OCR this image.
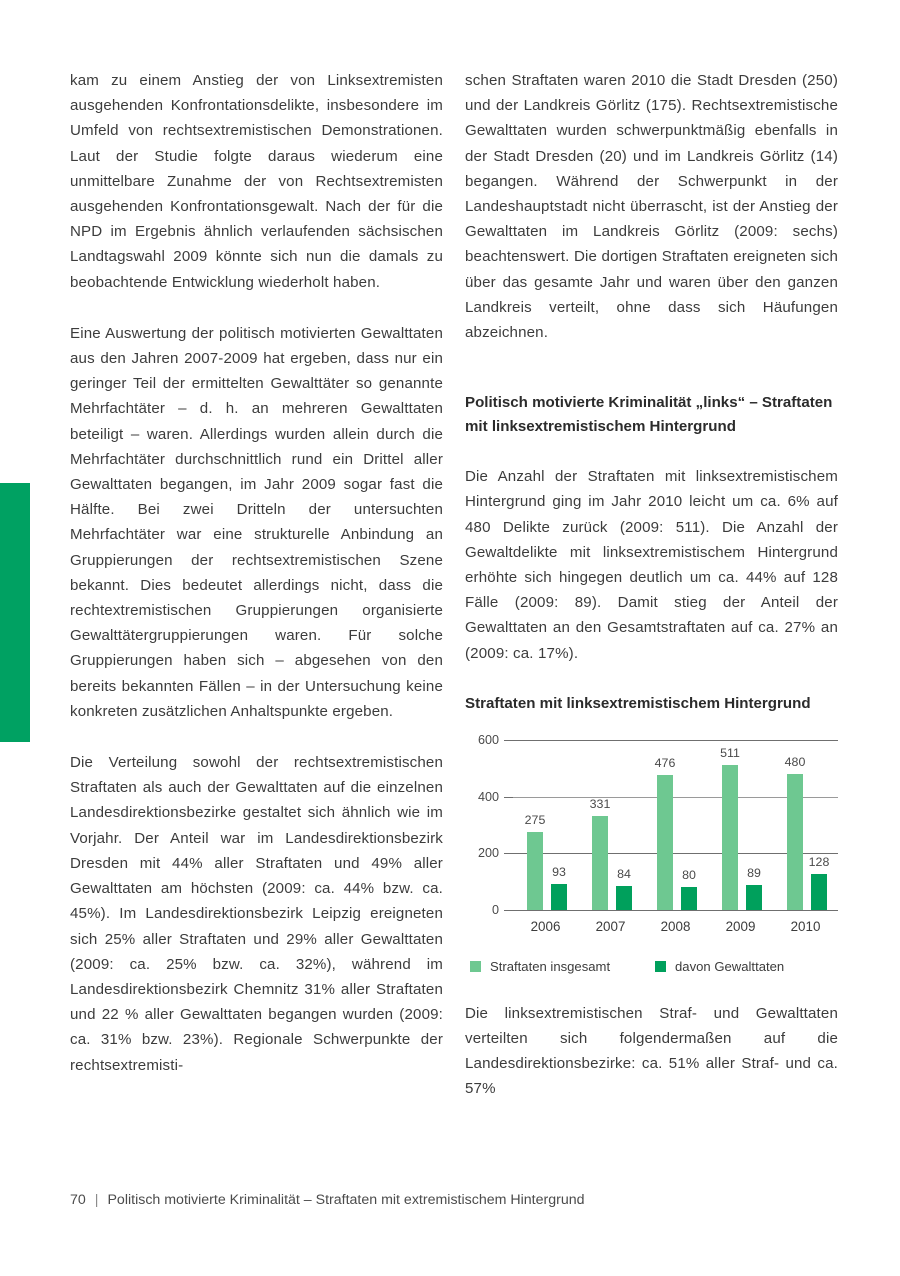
kam zu einem Anstieg der von Linksextremisten ausgehenden Konfrontationsdelikte, insbesondere im Umfeld von rechtsextremistischen Demonstrationen. Laut der Studie folgte daraus wiederum eine unmittelbare Zunahme der von Rechtsextremisten ausgehenden Konfrontationsgewalt. Nach der für die NPD im Ergebnis ähnlich verlaufenden sächsischen Landtagswahl 2009 könnte sich nun die damals zu beobachtende Entwicklung wiederholt haben.

Eine Auswertung der politisch motivierten Gewalttaten aus den Jahren 2007-2009 hat ergeben, dass nur ein geringer Teil der ermittelten Gewalttäter so genannte Mehrfachtäter – d. h. an mehreren Gewalttaten beteiligt – waren. Allerdings wurden allein durch die Mehrfachtäter durchschnittlich rund ein Drittel aller Gewalttaten begangen, im Jahr 2009 sogar fast die Hälfte. Bei zwei Dritteln der untersuchten Mehrfachtäter war eine strukturelle Anbindung an Gruppierungen der rechtsextremistischen Szene bekannt. Dies bedeutet allerdings nicht, dass die rechtextremistischen Gruppierungen organisierte Gewalttätergruppierungen waren. Für solche Gruppierungen haben sich – abgesehen von den bereits bekannten Fällen – in der Untersuchung keine konkreten zusätzlichen Anhaltspunkte ergeben.

Die Verteilung sowohl der rechtsextremistischen Straftaten als auch der Gewalttaten auf die einzelnen Landesdirektionsbezirke gestaltet sich ähnlich wie im Vorjahr. Der Anteil war im Landesdirektionsbezirk Dresden mit 44% aller Straftaten und 49% aller Gewalttaten am höchsten (2009: ca. 44% bzw. ca. 45%). Im Landesdirektionsbezirk Leipzig ereigneten sich 25% aller Straftaten und 29% aller Gewalttaten (2009: ca. 25% bzw. ca. 32%), während im Landesdirektionsbezirk Chemnitz 31% aller Straftaten und 22 % aller Gewalttaten begangen wurden (2009: ca. 31% bzw. 23%). Regionale Schwerpunkte der rechtsextremisti-

schen Straftaten waren 2010 die Stadt Dresden (250) und der Landkreis Görlitz (175). Rechtsextremistische Gewalttaten wurden schwerpunktmäßig ebenfalls in der Stadt Dresden (20) und im Landkreis Görlitz (14) begangen. Während der Schwerpunkt in der Landeshauptstadt nicht überrascht, ist der Anstieg der Gewalttaten im Landkreis Görlitz (2009: sechs) beachtenswert. Die dortigen Straftaten ereigneten sich über das gesamte Jahr und waren über den ganzen Landkreis verteilt, ohne dass sich Häufungen abzeichnen.

Politisch motivierte Kriminalität „links“ – Straftaten mit linksextremistischem Hintergrund

Die Anzahl der Straftaten mit linksextremistischem Hintergrund ging im Jahr 2010 leicht um ca. 6% auf 480 Delikte zurück (2009: 511). Die Anzahl der Gewaltdelikte mit linksextremistischem Hintergrund erhöhte sich hingegen deutlich um ca. 44% auf 128 Fälle (2009: 89). Damit stieg der Anteil der Gewalttaten an den Gesamtstraftaten auf ca. 27% an (2009: ca. 17%).

Straftaten mit linksextremistischem Hintergrund
0
200
400
600
275
93
2006
331
84
2007
476
80
2008
511
89
2009
480
128
2010
Straftaten insgesamt	davon Gewalttaten

Die linksextremistischen Straf- und Gewalttaten verteilten sich folgendermaßen auf die Landesdirektionsbezirke: ca. 51% aller Straf- und ca. 57%

70 | Politisch motivierte Kriminalität – Straftaten mit extremistischem Hintergrund
